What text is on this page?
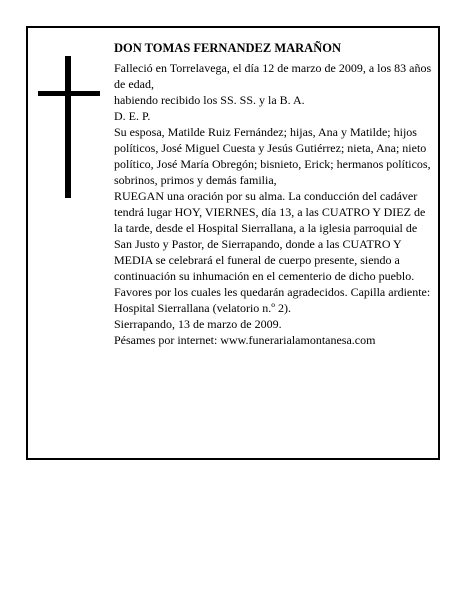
DON TOMAS FERNANDEZ MARAÑON

Falleció en Torrelavega, el día 12 de marzo de 2009, a los 83 años de edad,

habiendo recibido los SS. SS. y la B. A.

D. E. P.

Su esposa, Matilde Ruiz Fernández; hijas, Ana y Matilde; hijos políticos, José Miguel Cuesta y Jesús Gutiérrez; nieta, Ana; nieto político, José María Obregón; bisnieto, Erick; hermanos políticos, sobrinos, primos y demás familia,

RUEGAN una oración por su alma. La conducción del cadáver tendrá lugar HOY, VIERNES, día 13, a las CUATRO Y DIEZ de la tarde, desde el Hospital Sierrallana, a la iglesia parroquial de San Justo y Pastor, de Sierrapando, donde a las CUATRO Y MEDIA se celebrará el funeral de cuerpo presente, siendo a continuación su inhumación en el cementerio de dicho pueblo. Favores por los cuales les quedarán agradecidos. Capilla ardiente: Hospital Sierrallana (velatorio n.º 2).

Sierrapando, 13 de marzo de 2009.

Pésames por internet: www.funerarialamontanesa.com
